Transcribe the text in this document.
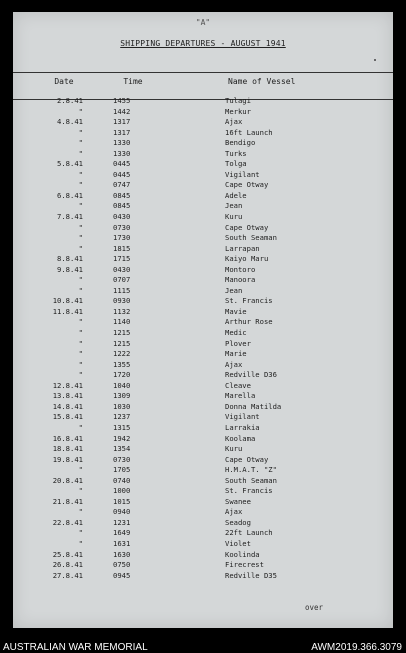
"A"
SHIPPING DEPARTURES - AUGUST 1941
Date	Time	Name of Vessel
2.8.41	1455	Tulagi
"	1442	Merkur
4.8.41	1317	Ajax
"	1317	16ft Launch
"	1330	Bendigo
"	1330	Turks
5.8.41	0445	Tolga
"	0445	Vigilant
"	0747	Cape Otway
6.8.41	0845	Adele
"	0845	Jean
7.8.41	0430	Kuru
"	0730	Cape Otway
"	1730	South Seaman
"	1815	Larrapan
8.8.41	1715	Kaiyo Maru
9.8.41	0430	Montoro
"	0707	Manoora
"	1115	Jean
10.8.41	0930	St. Francis
11.8.41	1132	Mavie
"	1140	Arthur Rose
"	1215	Medic
"	1215	Plover
"	1222	Marie
"	1355	Ajax
"	1720	Redville D36
12.8.41	1040	Cleave
13.8.41	1309	Marella
14.8.41	1030	Donna Matilda
15.8.41	1237	Vigilant
"	1315	Larrakia
16.8.41	1942	Koolama
18.8.41	1354	Kuru
19.8.41	0730	Cape Otway
"	1705	H.M.A.T. "Z"
20.8.41	0740	South Seaman
"	1000	St. Francis
21.8.41	1015	Swanee
"	0940	Ajax
22.8.41	1231	Seadog
"	1649	22ft Launch
"	1631	Violet
25.8.41	1630	Koolinda
26.8.41	0750	Firecrest
27.8.41	0945	Redville D35
over
AUSTRALIAN WAR MEMORIAL	AWM2019.366.3079
